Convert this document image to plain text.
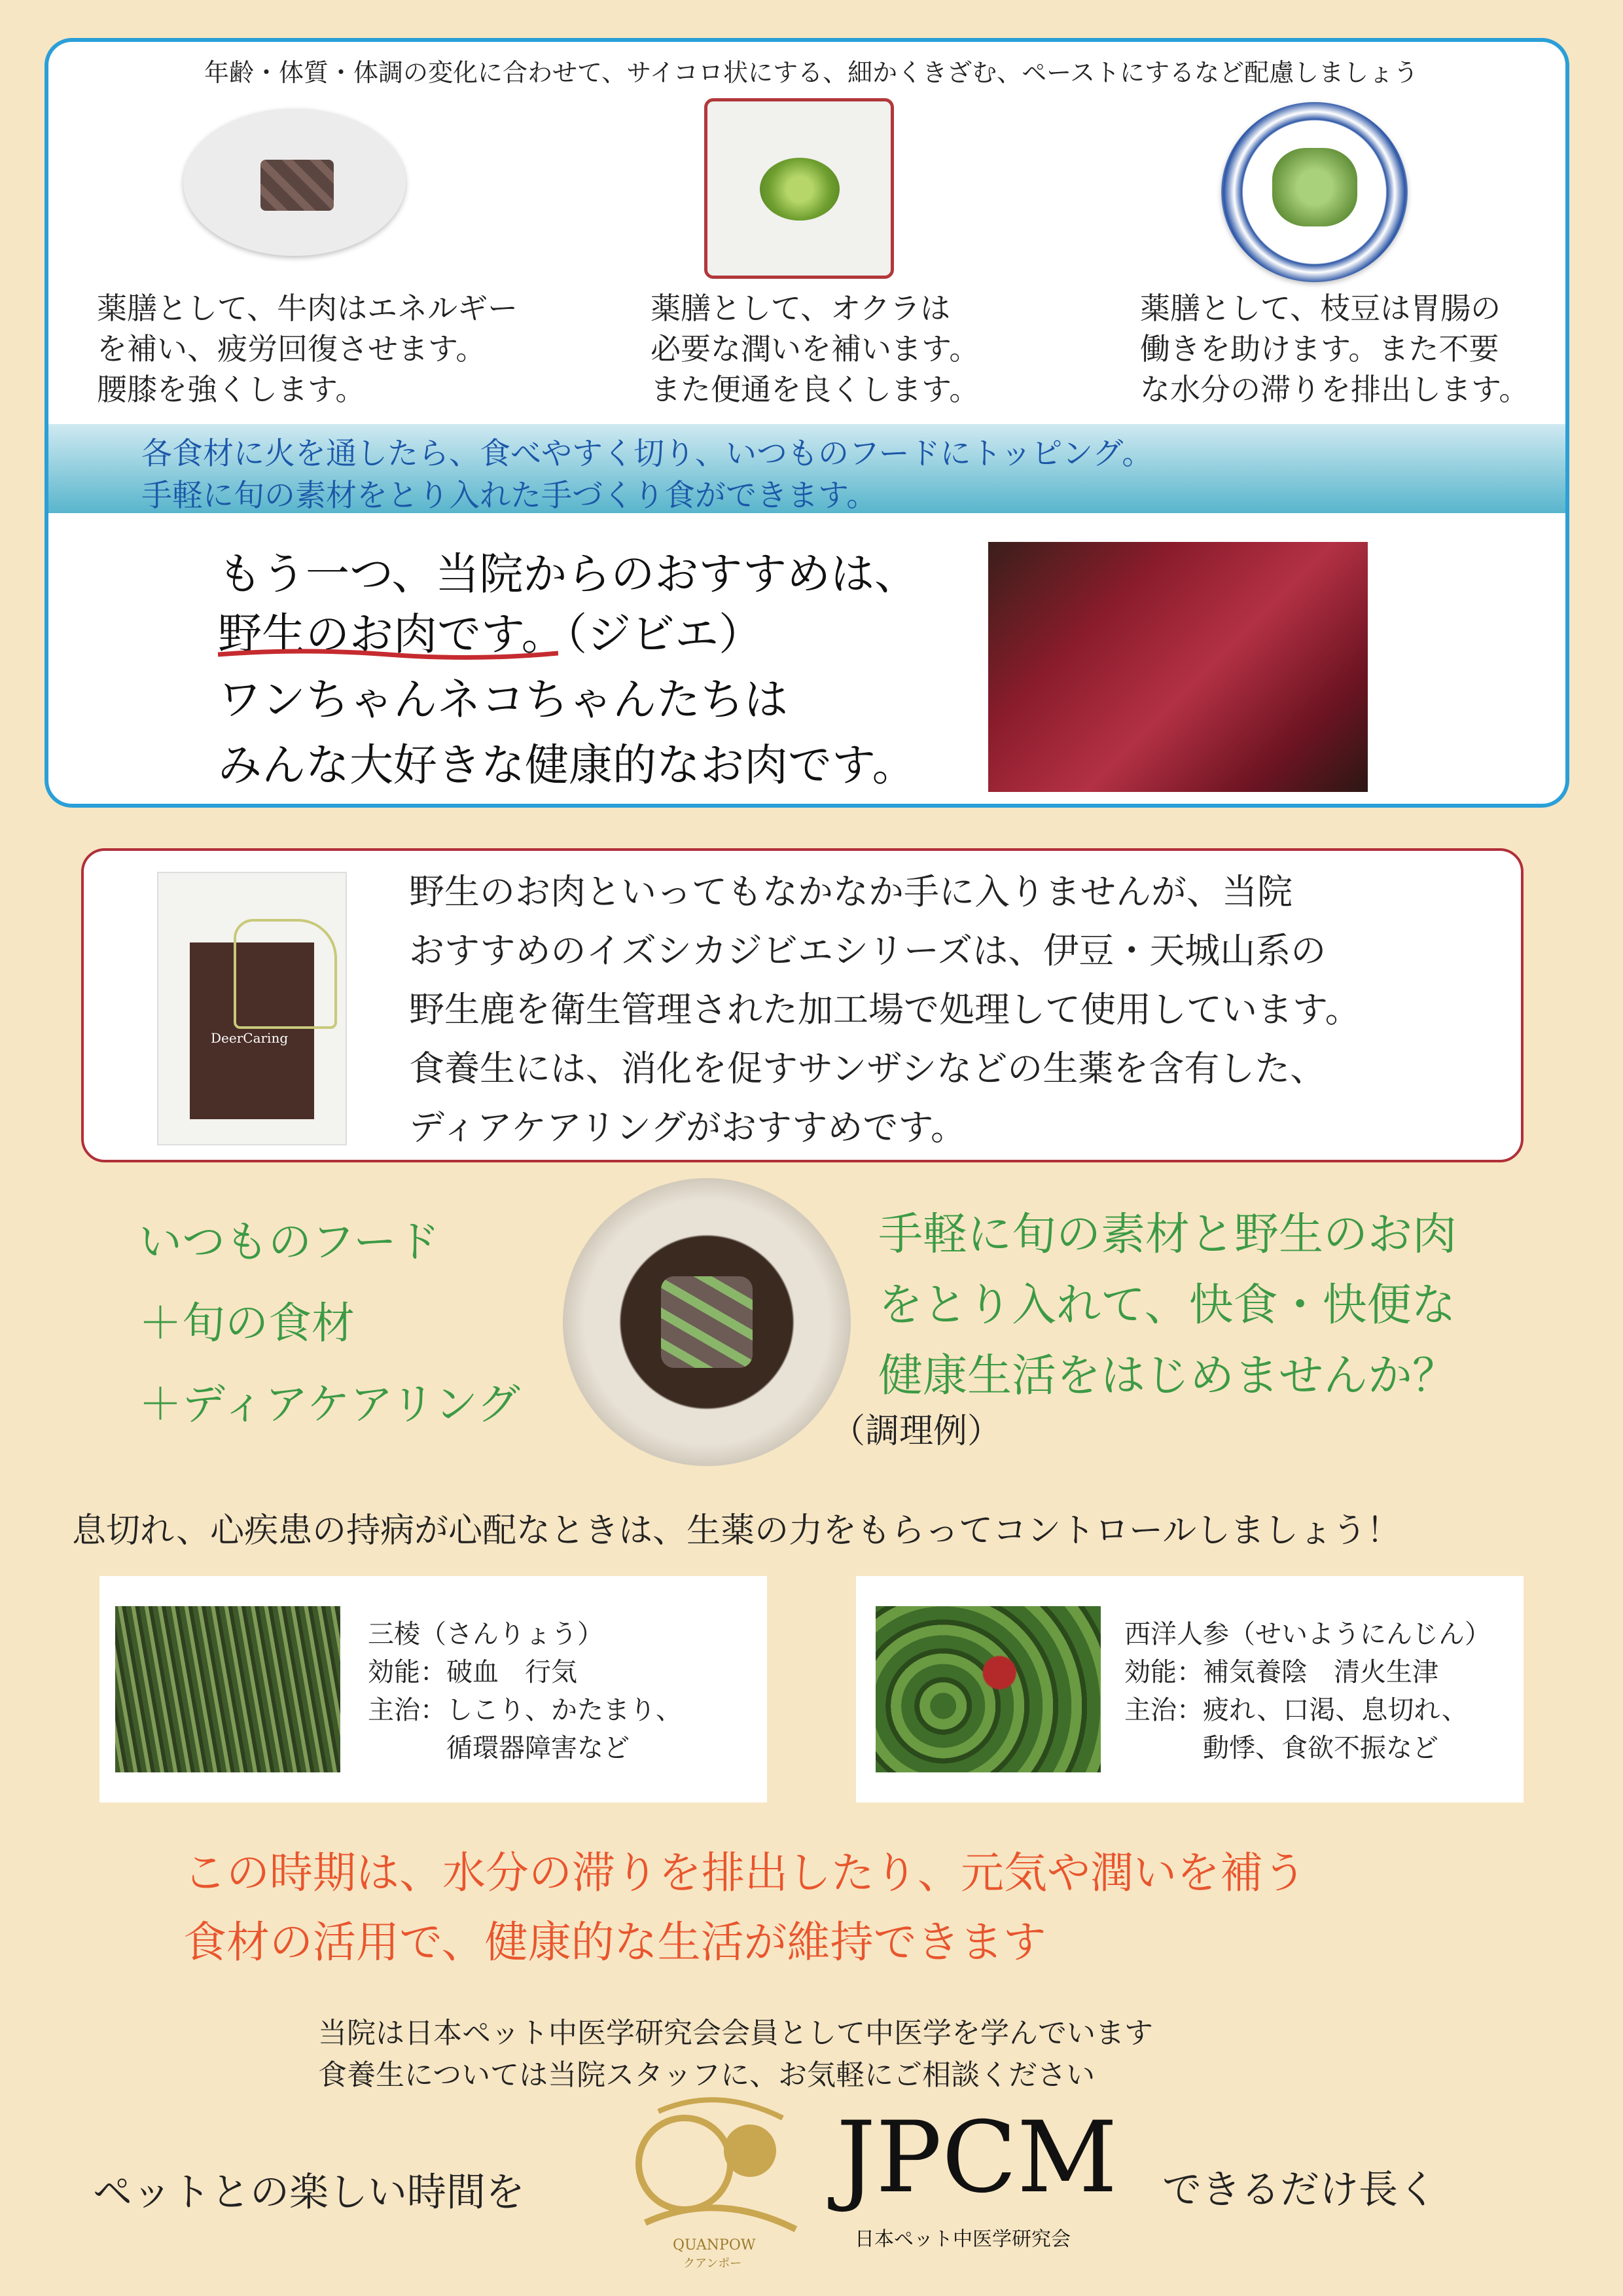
年齢・体質・体調の変化に合わせて、サイコロ状にする、細かくきざむ、ペーストにするなど配慮しましょう
薬膳として、牛肉はエネルギー
を補い、疲労回復させます。
腰膝を強くします。
薬膳として、オクラは
必要な潤いを補います。
また便通を良くします。
薬膳として、枝豆は胃腸の
働きを助けます。また不要
な水分の滞りを排出します。
各食材に火を通したら、食べやすく切り、いつものフードにトッピング。
手軽に旬の素材をとり入れた手づくり食ができます。
もう一つ、当院からのおすすめは、
野生のお肉です。（ジビエ）
ワンちゃんネコちゃんたちは
みんな大好きな健康的なお肉です。
DeerCaring
野生のお肉といってもなかなか手に入りませんが、当院
おすすめのイズシカジビエシリーズは、伊豆・天城山系の
野生鹿を衛生管理された加工場で処理して使用しています。
食養生には、消化を促すサンザシなどの生薬を含有した、
ディアケアリングがおすすめです。
いつものフード
＋旬の食材
＋ディアケアリング
（調理例）
手軽に旬の素材と野生のお肉
をとり入れて、快食・快便な
健康生活をはじめませんか？
息切れ、心疾患の持病が心配なときは、生薬の力をもらってコントロールしましょう！
三棱（さんりょう）
効能：破血　行気
主治：しこり、かたまり、
　　　循環器障害など
西洋人参（せいようにんじん）
効能：補気養陰　清火生津
主治：疲れ、口渇、息切れ、
　　　動悸、食欲不振など
この時期は、水分の滞りを排出したり、元気や潤いを補う
食材の活用で、健康的な生活が維持できます
当院は日本ペット中医学研究会会員として中医学を学んでいます
食養生については当院スタッフに、お気軽にご相談ください
ペットとの楽しい時間を	できるだけ長く
QUANPOW
クアンポー
JPCM
日本ペット中医学研究会
